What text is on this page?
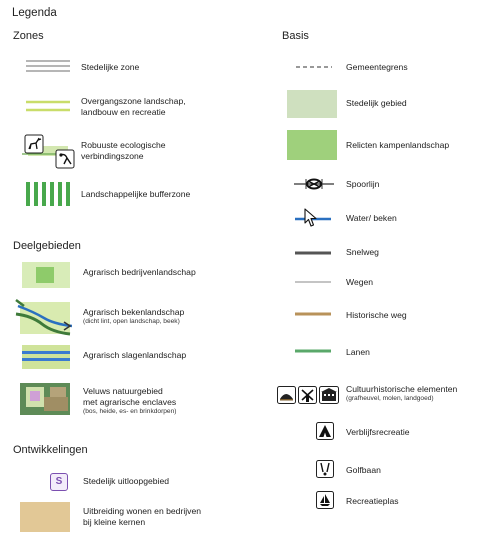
Legenda
Zones
Stedelijke zone
Overgangszone landschap,
landbouw en recreatie
Robuuste ecologische
verbindingszone
Landschappelijke bufferzone
Deelgebieden
Agrarisch bedrijvenlandschap
Agrarisch bekenlandschap
(dicht lint, open landschap, beek)
Agrarisch slagenlandschap
Veluws natuurgebied
met agrarische enclaves
(bos, heide, es- en brinkdorpen)
Ontwikkelingen
S	Stedelijk uitloopgebied
Uitbreiding wonen en bedrijven
bij kleine kernen
Basis
Gemeentegrens
Stedelijk gebied
Relicten kampenlandschap
Spoorlijn
Water/ beken
Snelweg
Wegen
Historische weg
Lanen
Cultuurhistorische elementen
(grafheuvel, molen, landgoed)
Verblijfsrecreatie
Golfbaan
Recreatieplas
